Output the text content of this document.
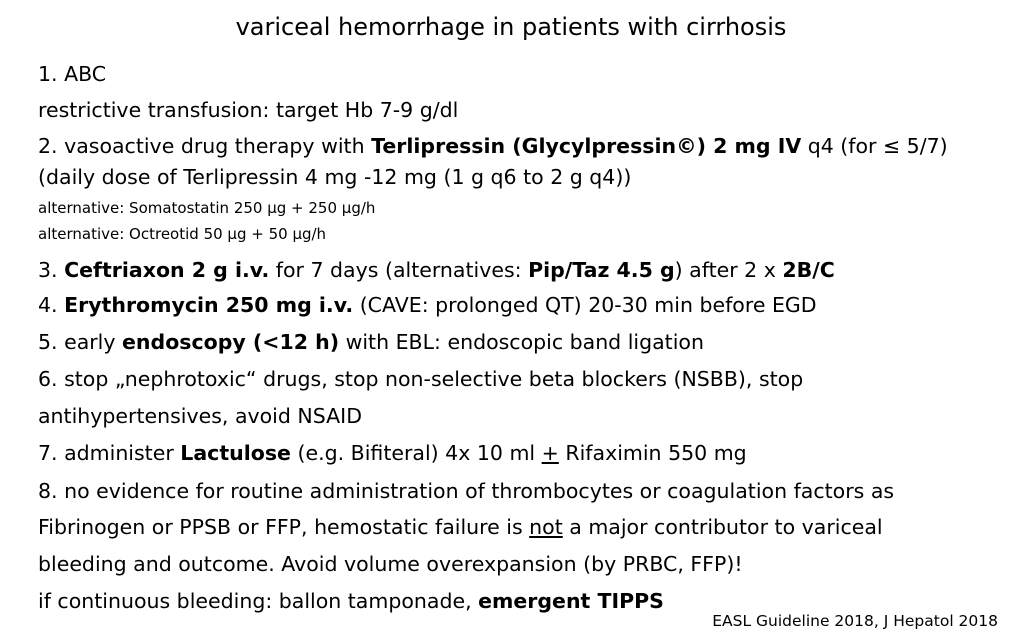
variceal hemorrhage in patients with cirrhosis
1. ABC
restrictive transfusion: target Hb 7-9 g/dl
2. vasoactive drug therapy with Terlipressin (Glycylpressin©) 2 mg IV q4 (for ≤ 5/7)
(daily dose of Terlipressin 4 mg -12 mg (1 g q6 to 2 g q4))
alternative: Somatostatin 250 µg + 250 µg/h
alternative: Octreotid 50 µg + 50 µg/h
3. Ceftriaxon 2 g i.v. for 7 days (alternatives: Pip/Taz 4.5 g) after 2 x 2B/C
4. Erythromycin 250 mg i.v. (CAVE: prolonged QT) 20-30 min before EGD
5. early endoscopy (<12 h) with EBL: endoscopic band ligation
6. stop „nephrotoxic“ drugs, stop non-selective beta blockers (NSBB), stop
antihypertensives, avoid NSAID
7. administer Lactulose (e.g. Bifiteral) 4x 10 ml + Rifaximin 550 mg
8. no evidence for routine administration of thrombocytes or coagulation factors as
Fibrinogen or PPSB or FFP, hemostatic failure is not a major contributor to variceal
bleeding and outcome. Avoid volume overexpansion (by PRBC, FFP)!
if continuous bleeding: ballon tamponade, emergent TIPPS
EASL Guideline 2018, J Hepatol 2018
